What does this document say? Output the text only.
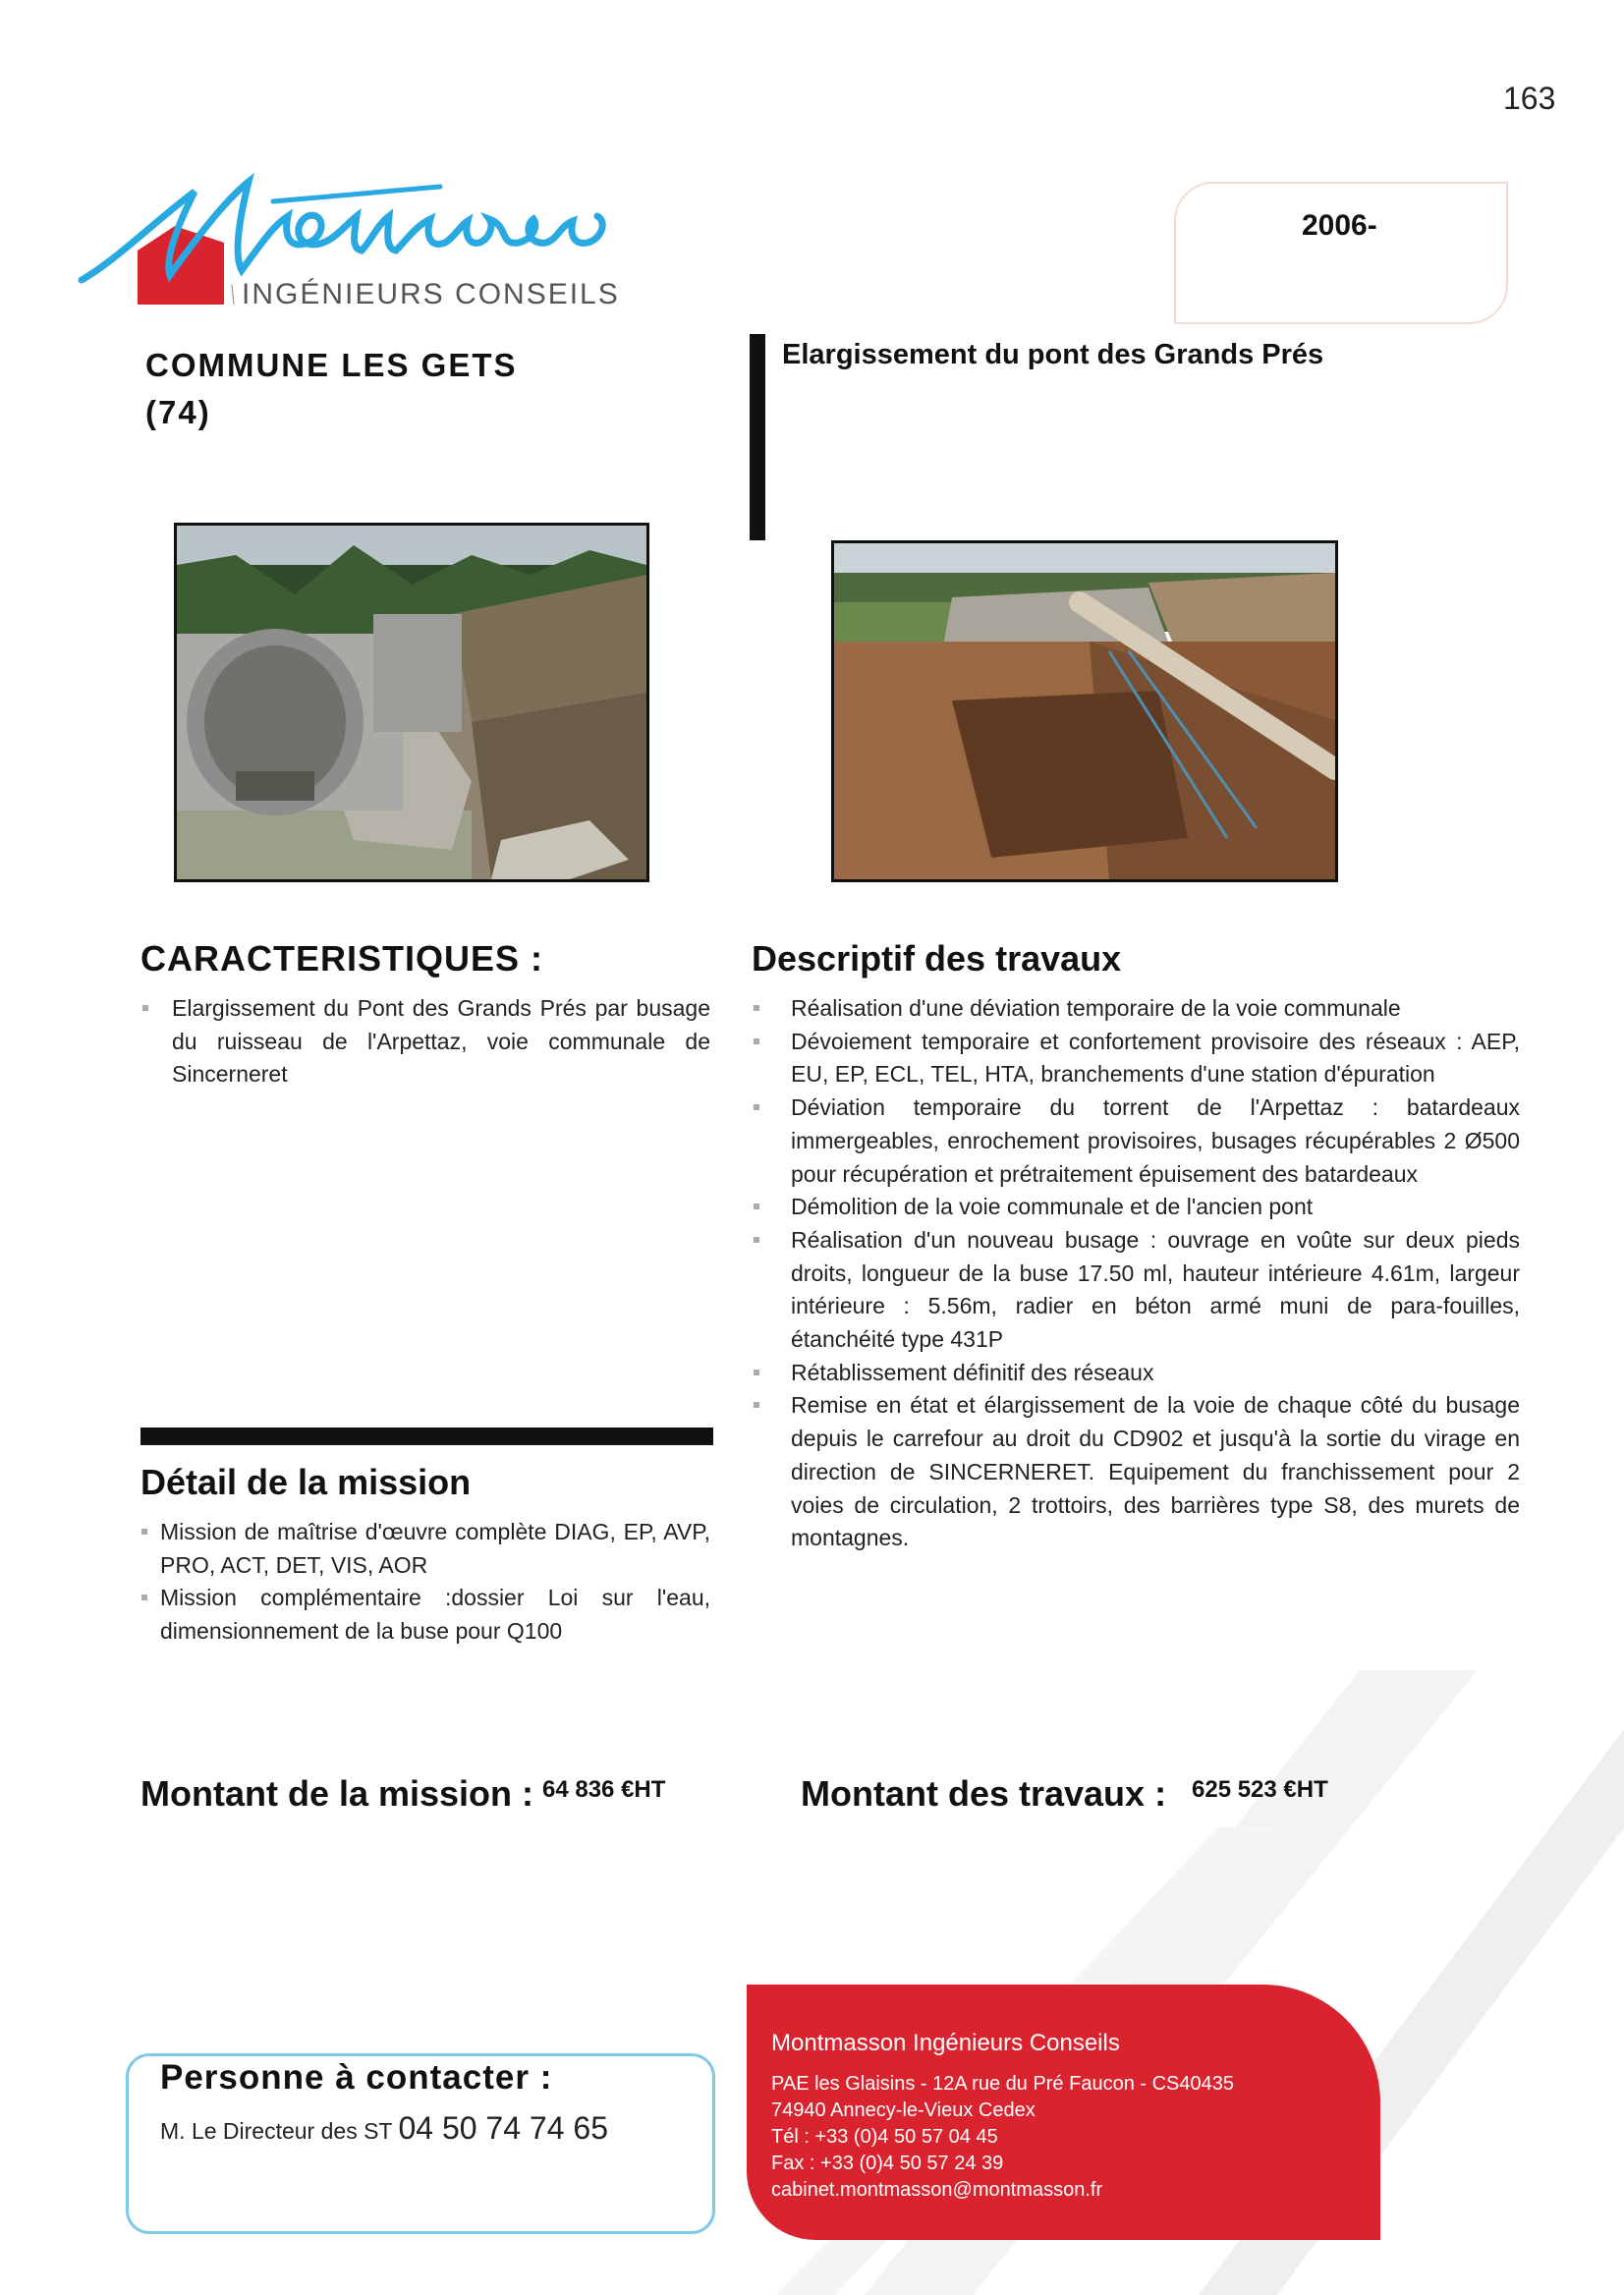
163
INGÉNIEURS CONSEILS
2006-
COMMUNE LES GETS
(74)
Elargissement du pont des Grands Prés
CARACTERISTIQUES :
Elargissement du Pont des Grands Prés par busage du ruisseau de l'Arpettaz, voie communale de Sincerneret
Descriptif des travaux
Réalisation d'une déviation temporaire de la voie communale
Dévoiement temporaire et confortement provisoire des réseaux : AEP, EU, EP, ECL, TEL, HTA, branchements d'une station d'épuration
Déviation temporaire du torrent de l'Arpettaz : batardeaux immergeables, enrochement provisoires, busages récupérables 2 Ø500 pour récupération et prétraitement épuisement des batardeaux
Démolition de la voie communale et de l'ancien pont
Réalisation d'un nouveau busage : ouvrage en voûte sur deux pieds droits, longueur de la buse 17.50 ml, hauteur intérieure 4.61m, largeur intérieure : 5.56m, radier en béton armé muni de para-fouilles, étanchéité type 431P
Rétablissement définitif des réseaux
Remise en état et élargissement de la voie de chaque côté du busage depuis le carrefour au droit du CD902 et jusqu'à la sortie du virage en direction de SINCERNERET. Equipement du franchissement pour 2 voies de circulation, 2 trottoirs, des barrières type S8, des murets de montagnes.
Détail de la mission
Mission de maîtrise d'œuvre complète DIAG, EP, AVP, PRO, ACT, DET, VIS, AOR
Mission complémentaire :dossier Loi sur l'eau, dimensionnement de la buse pour Q100
Montant de la mission : 64 836 €HT	Montant des travaux : 625 523 €HT
Personne à contacter :
M. Le Directeur des ST 04 50 74 74 65
Montmasson Ingénieurs Conseils
PAE les Glaisins - 12A rue du Pré Faucon - CS40435
74940 Annecy-le-Vieux Cedex
Tél : +33 (0)4 50 57 04 45
Fax : +33 (0)4 50 57 24 39
cabinet.montmasson@montmasson.fr
